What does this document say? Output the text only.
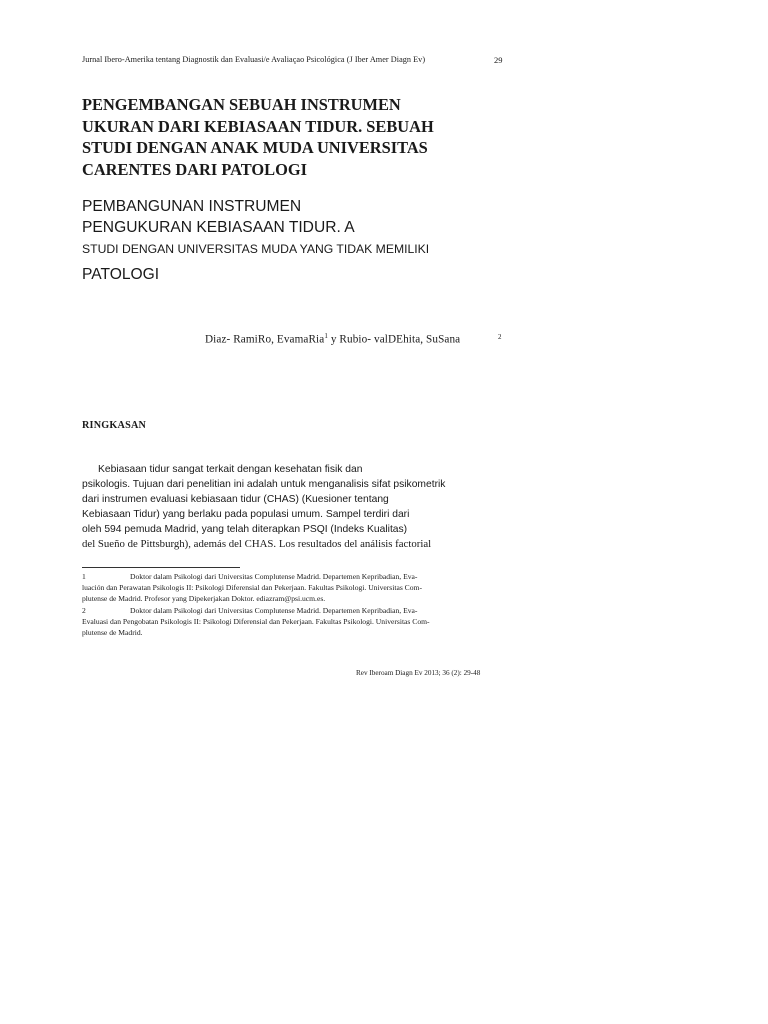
Jurnal Ibero-Amerika tentang Diagnostik dan Evaluasi/e Avaliaçao Psicológica (J Iber Amer Diagn Ev)	29
PENGEMBANGAN SEBUAH INSTRUMEN
UKURAN DARI KEBIASAAN TIDUR. SEBUAH
STUDI DENGAN ANAK MUDA UNIVERSITAS
CARENTES DARI PATOLOGI
PEMBANGUNAN INSTRUMEN
PENGUKURAN KEBIASAAN TIDUR. A
STUDI DENGAN UNIVERSITAS MUDA YANG TIDAK MEMILIKI
PATOLOGI
Diaz- RamiRo, EvamaRia$^1$ y Rubio- valDEhita, SuSana	2
RINGKASAN
Kebiasaan tidur sangat terkait dengan kesehatan fisik dan
psikologis. Tujuan dari penelitian ini adalah untuk menganalisis sifat psikometrik
dari instrumen evaluasi kebiasaan tidur (CHAS) (Kuesioner tentang
Kebiasaan Tidur) yang berlaku pada populasi umum. Sampel terdiri dari
oleh 594 pemuda Madrid, yang telah diterapkan PSQI (Indeks Kualitas)
del Sueño de Pittsburgh), además del CHAS. Los resultados del análisis factorial
1	Doktor dalam Psikologi dari Universitas Complutense Madrid. Departemen Kepribadian, Eva-
luación dan Perawatan Psikologis II: Psikologi Diferensial dan Pekerjaan. Fakultas Psikologi. Universitas Com-
plutense de Madrid. Profesor yang Dipekerjakan Doktor. ediazram@psi.ucm.es.
2	Doktor dalam Psikologi dari Universitas Complutense Madrid. Departemen Kepribadian, Eva-
Evaluasi dan Pengobatan Psikologis II: Psikologi Diferensial dan Pekerjaan. Fakultas Psikologi. Universitas Com-
plutense de Madrid.
Rev Iberoam Diagn Ev 2013; 36 (2): 29-48
